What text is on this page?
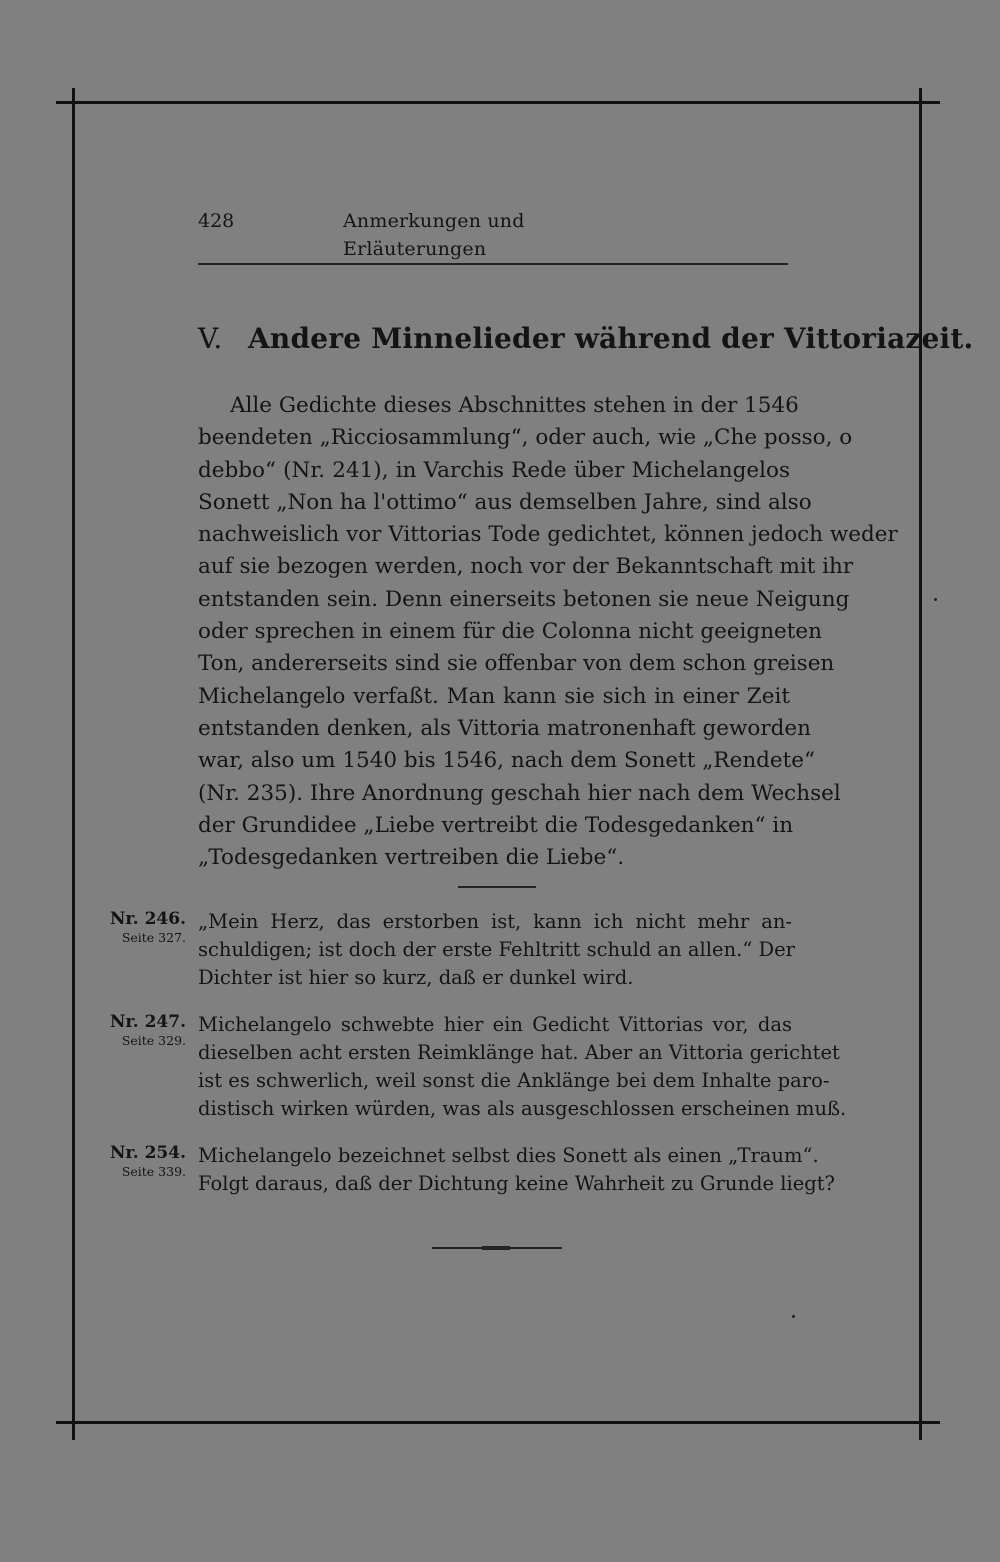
428	Anmerkungen und Erläuterungen
V. Andere Minnelieder während der Vittoriazeit.
Alle Gedichte dieses Abschnittes stehen in der 1546
beendeten „Ricciosammlung“, oder auch, wie „Che posso, o
debbo“ (Nr. 241), in Varchis Rede über Michelangelos
Sonett „Non ha l'ottimo“ aus demselben Jahre, sind also
nachweislich vor Vittorias Tode gedichtet, können jedoch weder
auf sie bezogen werden, noch vor der Bekanntschaft mit ihr
entstanden sein. Denn einerseits betonen sie neue Neigung
oder sprechen in einem für die Colonna nicht geeigneten
Ton, andererseits sind sie offenbar von dem schon greisen
Michelangelo verfaßt. Man kann sie sich in einer Zeit
entstanden denken, als Vittoria matronenhaft geworden
war, also um 1540 bis 1546, nach dem Sonett „Rendete“
(Nr. 235). Ihre Anordnung geschah hier nach dem Wechsel
der Grundidee „Liebe vertreibt die Todesgedanken“ in
„Todesgedanken vertreiben die Liebe“.
Nr. 246.
Seite 327.
„Mein Herz, das erstorben ist, kann ich nicht mehr an-
schuldigen; ist doch der erste Fehltritt schuld an allen.“ Der
Dichter ist hier so kurz, daß er dunkel wird.
Nr. 247.
Seite 329.
Michelangelo schwebte hier ein Gedicht Vittorias vor, das
dieselben acht ersten Reimklänge hat. Aber an Vittoria gerichtet
ist es schwerlich, weil sonst die Anklänge bei dem Inhalte paro-
distisch wirken würden, was als ausgeschlossen erscheinen muß.
Nr. 254.
Seite 339.
Michelangelo bezeichnet selbst dies Sonett als einen „Traum“.
Folgt daraus, daß der Dichtung keine Wahrheit zu Grunde liegt?
